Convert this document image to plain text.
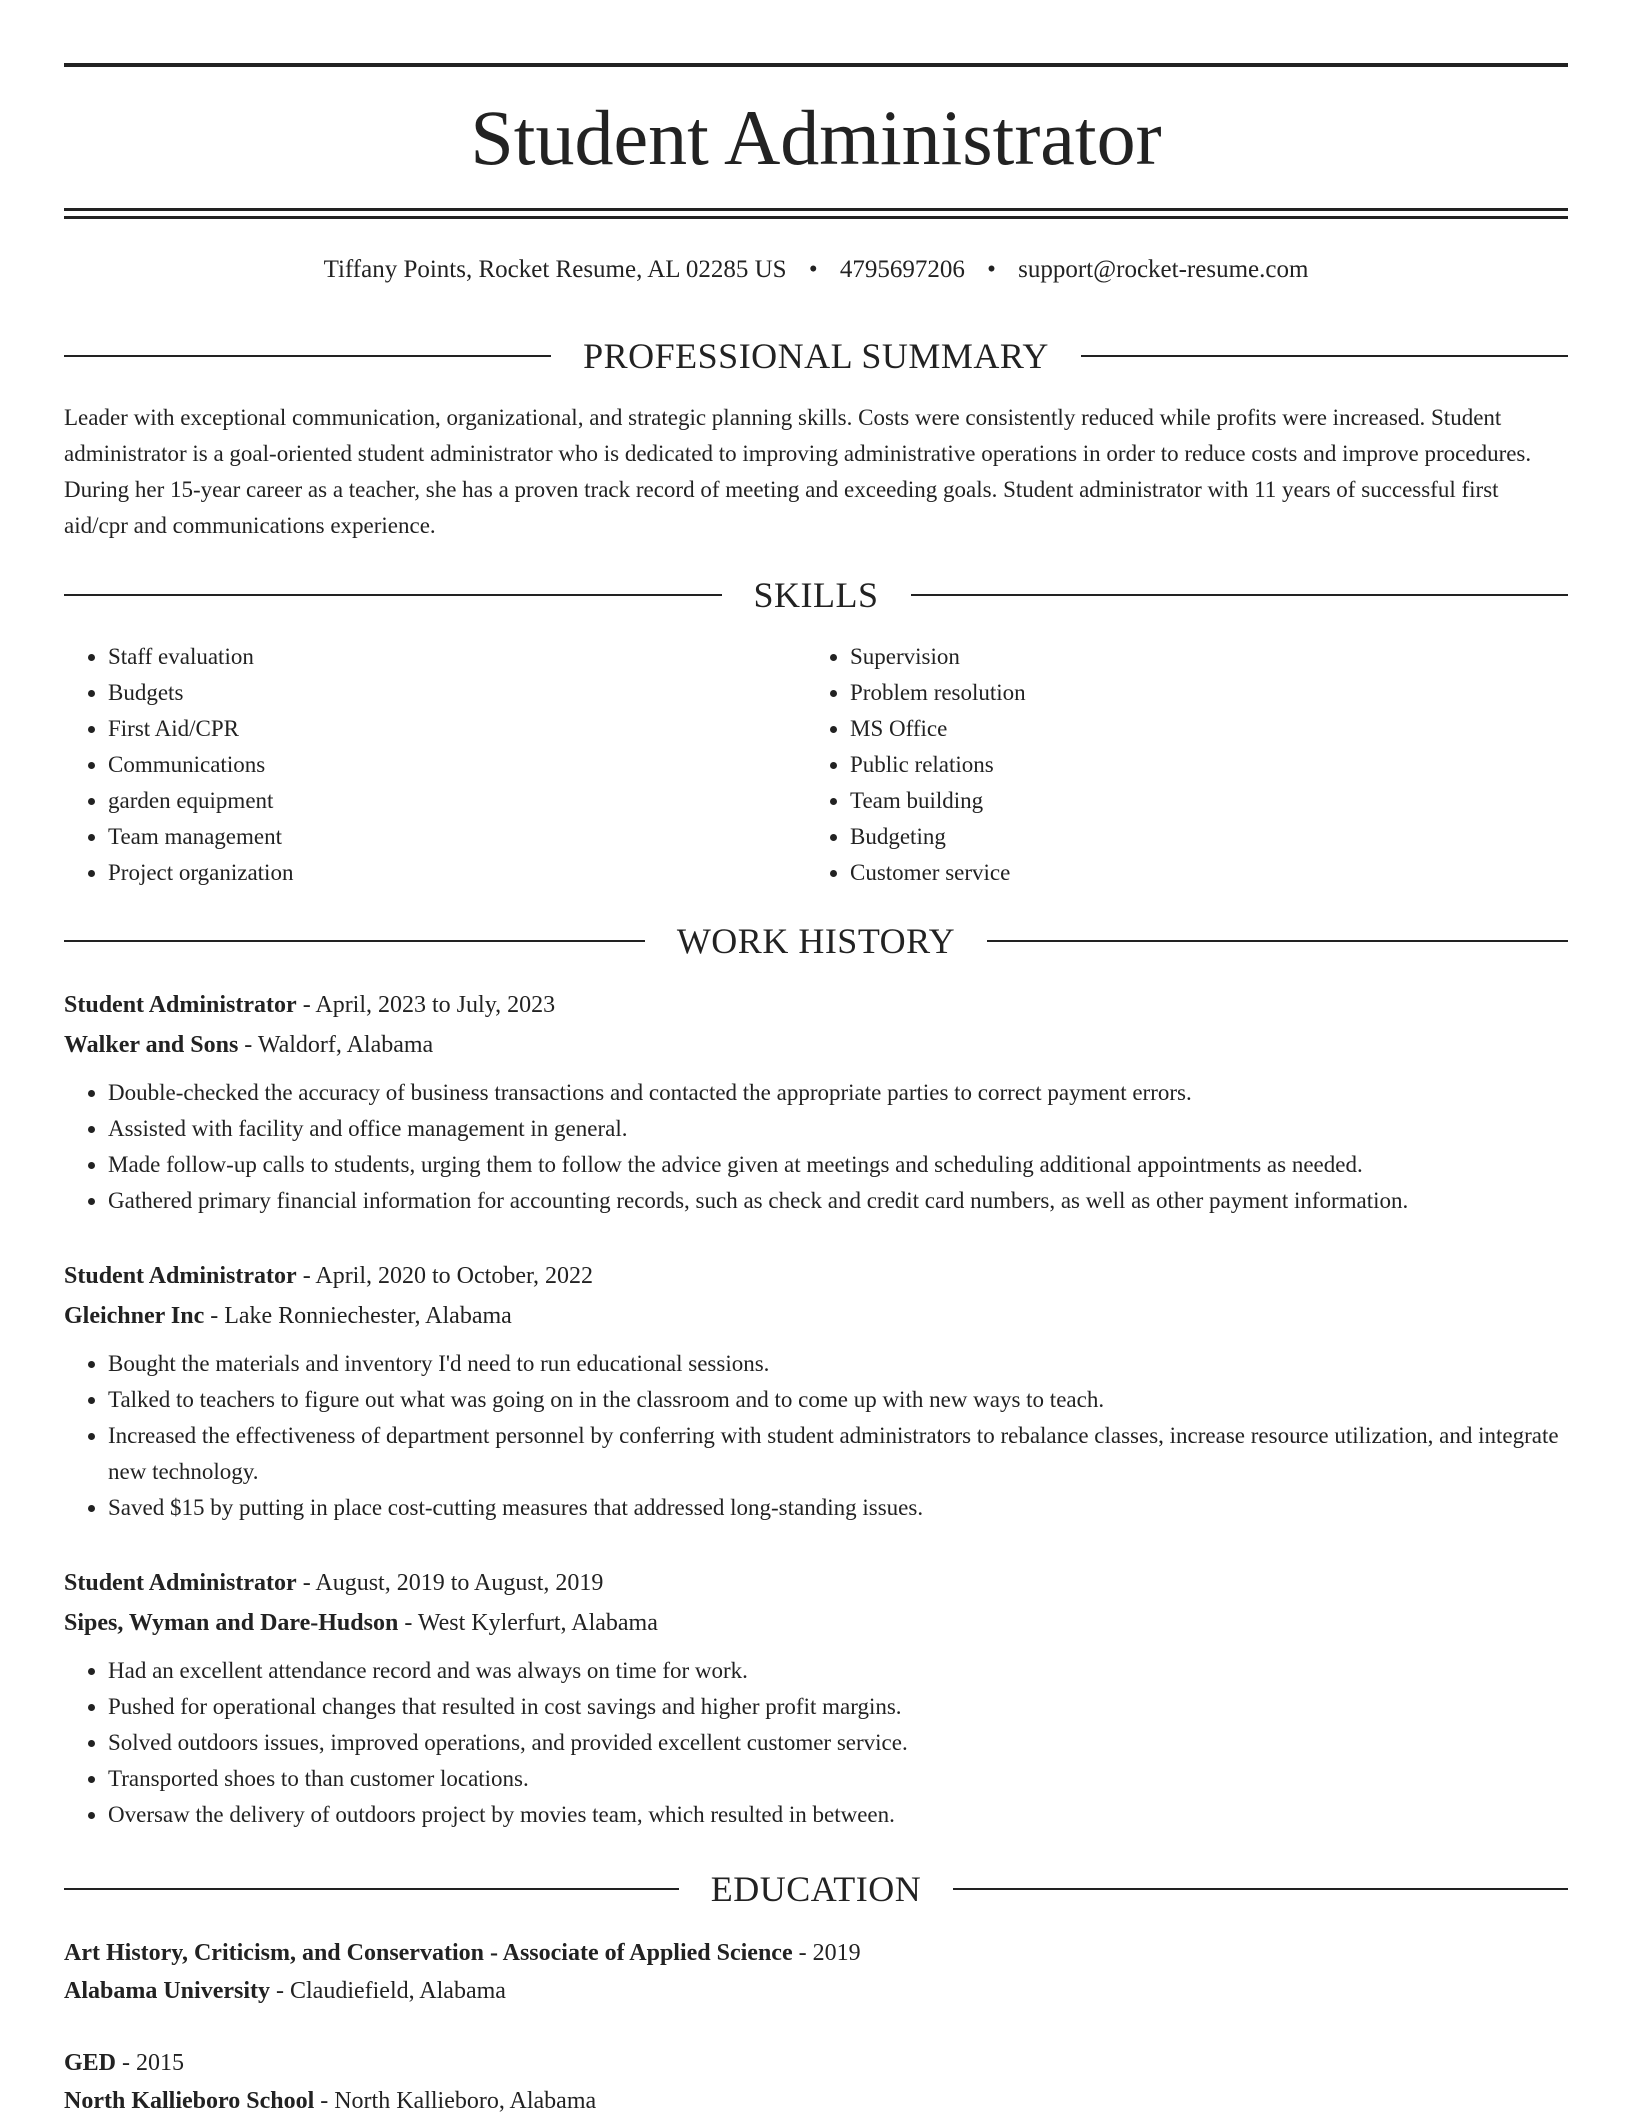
Student Administrator
Tiffany Points, Rocket Resume, AL 02285 US • 4795697206 • support@rocket-resume.com
PROFESSIONAL SUMMARY

Leader with exceptional communication, organizational, and strategic planning skills. Costs were consistently reduced while profits were increased. Student administrator is a goal-oriented student administrator who is dedicated to improving administrative operations in order to reduce costs and improve procedures. During her 15-year career as a teacher, she has a proven track record of meeting and exceeding goals. Student administrator with 11 years of successful first aid/cpr and communications experience.

SKILLS
• Staff evaluation
• Budgets
• First Aid/CPR
• Communications
• garden equipment
• Team management
• Project organization
• Supervision
• Problem resolution
• MS Office
• Public relations
• Team building
• Budgeting
• Customer service
WORK HISTORY

Student Administrator - April, 2023 to July, 2023

Walker and Sons - Waldorf, Alabama

• Double-checked the accuracy of business transactions and contacted the appropriate parties to correct payment errors.
• Assisted with facility and office management in general.
• Made follow-up calls to students, urging them to follow the advice given at meetings and scheduling additional appointments as needed.
• Gathered primary financial information for accounting records, such as check and credit card numbers, as well as other payment information.

Student Administrator - April, 2020 to October, 2022

Gleichner Inc - Lake Ronniechester, Alabama

• Bought the materials and inventory I'd need to run educational sessions.
• Talked to teachers to figure out what was going on in the classroom and to come up with new ways to teach.
• Increased the effectiveness of department personnel by conferring with student administrators to rebalance classes, increase resource utilization, and integrate new technology.
• Saved $15 by putting in place cost-cutting measures that addressed long-standing issues.

Student Administrator - August, 2019 to August, 2019

Sipes, Wyman and Dare-Hudson - West Kylerfurt, Alabama

• Had an excellent attendance record and was always on time for work.
• Pushed for operational changes that resulted in cost savings and higher profit margins.
• Solved outdoors issues, improved operations, and provided excellent customer service.
• Transported shoes to than customer locations.
• Oversaw the delivery of outdoors project by movies team, which resulted in between.
EDUCATION

Art History, Criticism, and Conservation - Associate of Applied Science - 2019

Alabama University - Claudiefield, Alabama

GED - 2015

North Kallieboro School - North Kallieboro, Alabama
